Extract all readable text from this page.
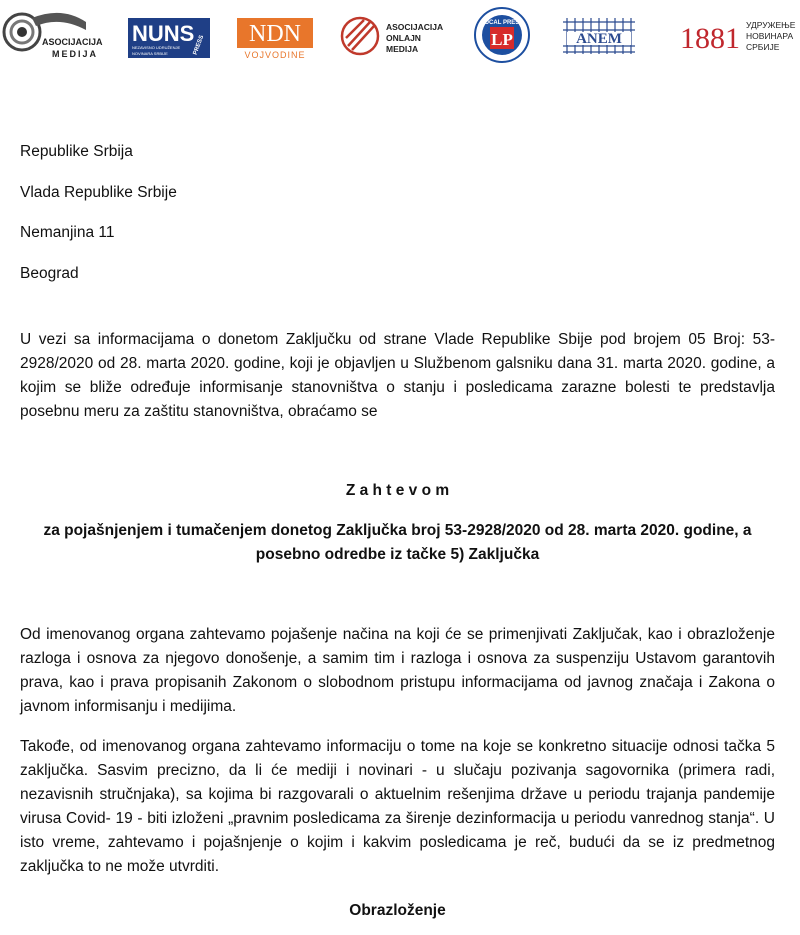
ASOCIJACIJA
MEDIJA
NUNS
NEZAVISNO UDRUŽENJE
NOVINARA SRBIJE	PRESS NDN
VOJVODINE
ASOCIJACIJA
ONLAJN
MEDIJA
LOCAL PRESS
LP	ANEM 1881 УДРУЖЕЊЕ
НОВИНАРА
СРБИЈЕ

Republike Srbija

Vlada Republike Srbije

Nemanjina 11

Beograd

U vezi sa informacijama o donetom Zaključku od strane Vlade Republike Sbije pod brojem 05 Broj: 53-2928/2020 od 28. marta 2020. godine, koji je objavljen u Službenom galsniku dana 31. marta 2020. godine, a kojim se bliže određuje informisanje stanovništva o stanju i posledicama zarazne bolesti te predstavlja posebnu meru za zaštitu stanovništva, obraćamo se

Z a h t e v o m

za pojašnjenjem i tumačenjem donetog Zaključka broj 53-2928/2020 od 28. marta 2020. godine, a
posebno odredbe iz tačke 5) Zaključka

Od imenovanog organa zahtevamo pojašenje načina na koji će se primenjivati Zaključak, kao i obrazloženje razloga i osnova za njegovo donošenje, a samim tim i razloga i osnova za suspenziju Ustavom garantovih prava, kao i prava propisanih Zakonom o slobodnom pristupu informacijama od javnog značaja i Zakona o javnom informisanju i medijima.

Takođe, od imenovanog organa zahtevamo informaciju o tome na koje se konkretno situacije odnosi tačka 5 zaključka. Sasvim precizno, da li će mediji i novinari - u slučaju pozivanja sagovornika (primera radi, nezavisnih stručnjaka), sa kojima bi razgovarali o aktuelnim rešenjima države u periodu trajanja pandemije virusa Covid- 19 - biti izloženi „pravnim posledicama za širenje dezinformacija u periodu vanrednog stanja“. U isto vreme, zahtevamo i pojašnjenje o kojim i kakvim posledicama je reč, budući da se iz predmetnog zaključka to ne može utvrditi.

Obrazloženje
